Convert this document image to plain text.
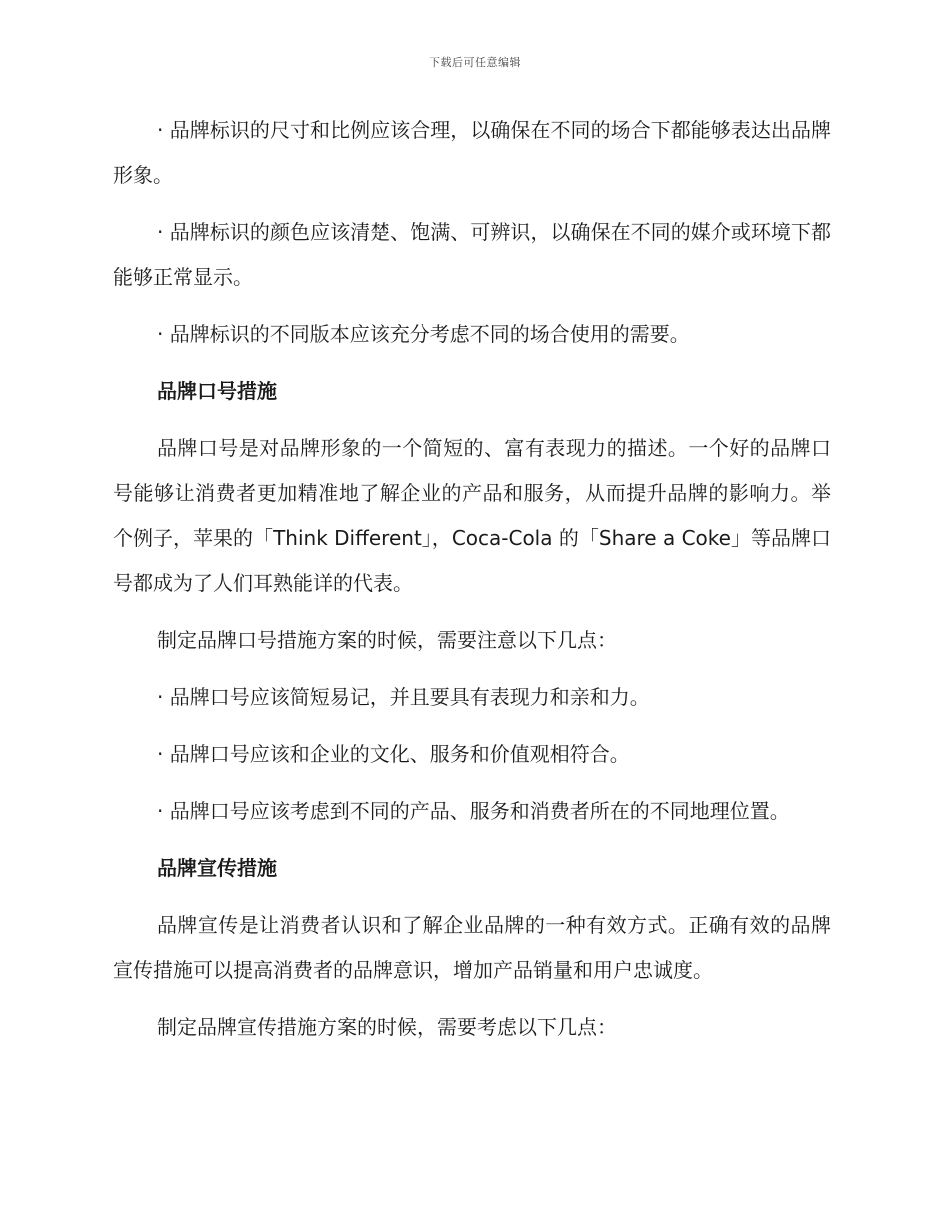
下载后可任意编辑

· 品牌标识的尺寸和比例应该合理，以确保在不同的场合下都能够表达出品牌形象。

· 品牌标识的颜色应该清楚、饱满、可辨识，以确保在不同的媒介或环境下都能够正常显示。

· 品牌标识的不同版本应该充分考虑不同的场合使用的需要。

品牌口号措施

品牌口号是对品牌形象的一个简短的、富有表现力的描述。一个好的品牌口号能够让消费者更加精准地了解企业的产品和服务，从而提升品牌的影响力。举个例子，苹果的「Think Different」，Coca-Cola 的「Share a Coke」等品牌口号都成为了人们耳熟能详的代表。

制定品牌口号措施方案的时候，需要注意以下几点：

· 品牌口号应该简短易记，并且要具有表现力和亲和力。

· 品牌口号应该和企业的文化、服务和价值观相符合。

· 品牌口号应该考虑到不同的产品、服务和消费者所在的不同地理位置。

品牌宣传措施

品牌宣传是让消费者认识和了解企业品牌的一种有效方式。正确有效的品牌宣传措施可以提高消费者的品牌意识，增加产品销量和用户忠诚度。

制定品牌宣传措施方案的时候，需要考虑以下几点：
